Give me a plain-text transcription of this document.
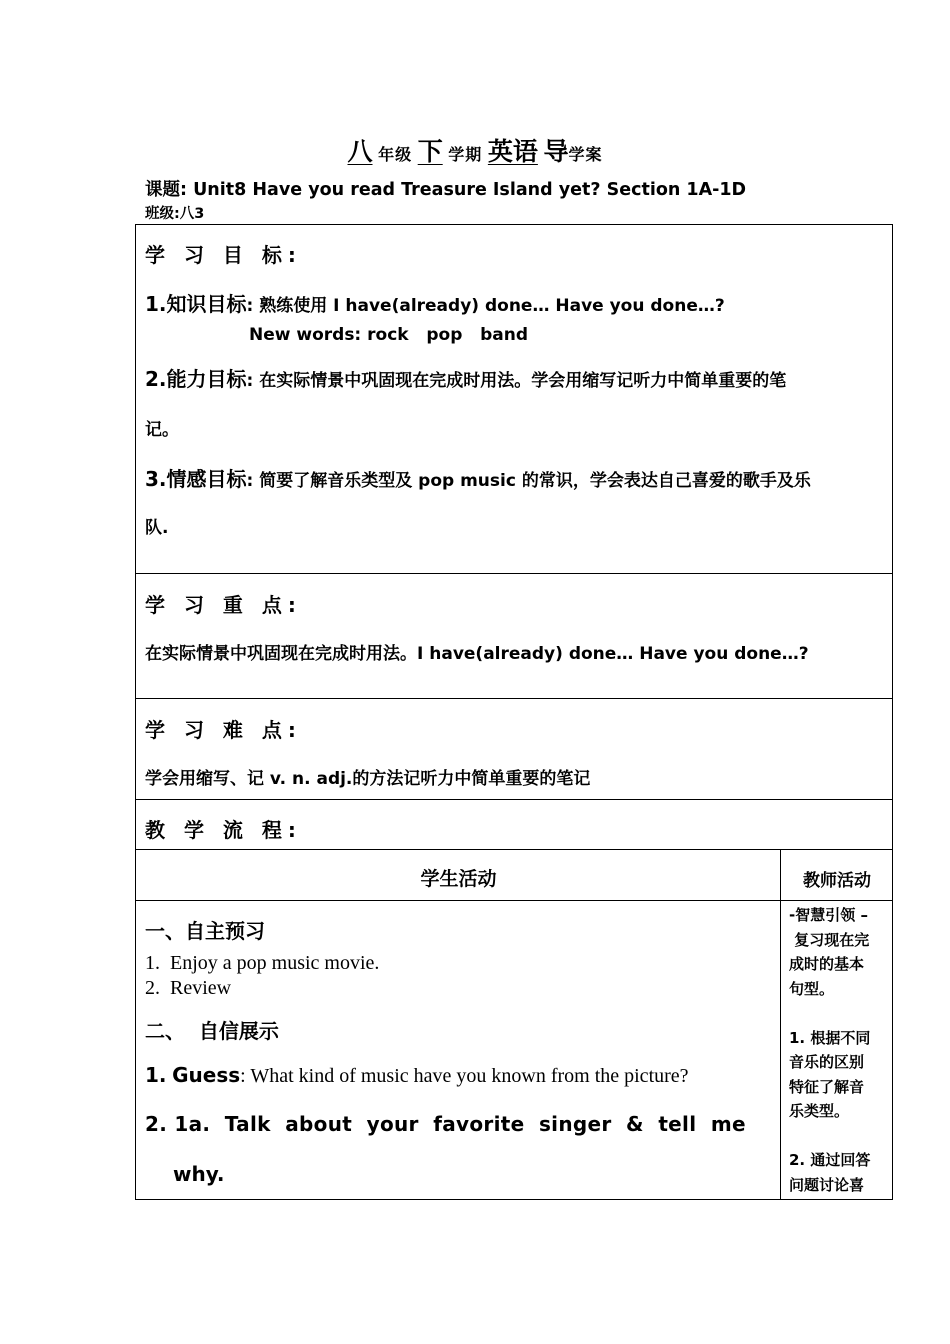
八 年级 下 学期 英语 导学案
课题: Unit8 Have you read Treasure Island yet? Section 1A-1D
班级:八3
学 习 目 标:
1.知识目标: 熟练使用 I have(already) done… Have you done…?
New words: rock   pop   band
2.能力目标: 在实际情景中巩固现在完成时用法。学会用缩写记听力中简单重要的笔
记。
3.情感目标: 简要了解音乐类型及 pop music 的常识，学会表达自己喜爱的歌手及乐
队.
学 习 重 点:
在实际情景中巩固现在完成时用法。I have(already) done… Have you done…?
学 习 难 点:
学会用缩写、记 v. n. adj.的方法记听力中简单重要的笔记
教 学 流 程:
学生活动	教师活动
一、自主预习
1.  Enjoy a pop music movie.
2.  Review
二、  自信展示
1. Guess: What kind of music have you known from the picture?
2. 1a.  Talk  about  your  favorite  singer  &  tell  me
why.
-智慧引领 –
复习现在完
成时的基本
句型。

1. 根据不同
音乐的区别
特征了解音
乐类型。

2. 通过回答
问题讨论喜
